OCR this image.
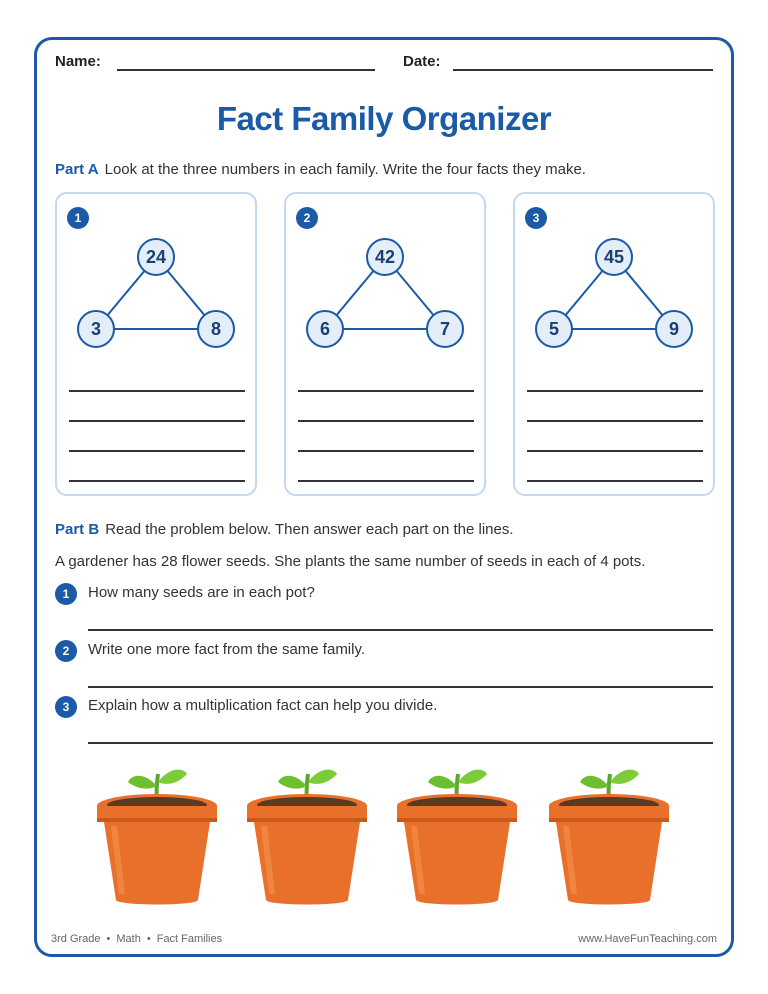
Name:	Date:
Fact Family Organizer
Part A Look at the three numbers in each family. Write the four facts they make.
1
24
3	8
2
42
6	7
3
45
5	9
Part B Read the problem below. Then answer each part on the lines.
A gardener has 28 flower seeds. She plants the same number of seeds in each of 4 pots.
1	How many seeds are in each pot?
2	Write one more fact from the same family.
3	Explain how a multiplication fact can help you divide.
3rd Grade • Math • Fact Families	www.HaveFunTeaching.com
